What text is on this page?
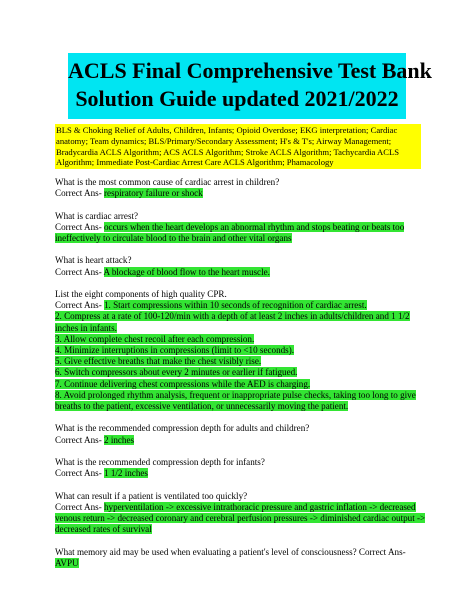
ACLS Final Comprehensive Test Bank
Solution Guide updated 2021/2022
BLS & Choking Relief of Adults, Children, Infants; Opioid Overdose; EKG interpretation; Cardiac anatomy; Team dynamics; BLS/Primary/Secondary Assessment; H's & T's; Airway Management; Bradycardia ACLS Algorithm; ACS ACLS Algorithm; Stroke ACLS Algorithm; Tachycardia ACLS Algorithm; Immediate Post-Cardiac Arrest Care ACLS Algorithm; Phamacology
What is the most common cause of cardiac arrest in children?
Correct Ans- respiratory failure or shock
What is cardiac arrest?
Correct Ans- occurs when the heart develops an abnormal rhythm and stops beating or beats too ineffectively to circulate blood to the brain and other vital organs
What is heart attack?
Correct Ans- A blockage of blood flow to the heart muscle.
List the eight components of high quality CPR.
Correct Ans- 1. Start compressions within 10 seconds of recognition of cardiac arrest.
2. Compress at a rate of 100-120/min with a depth of at least 2 inches in adults/children and 1 1/2 inches in infants.
3. Allow complete chest recoil after each compression.
4. Minimize interruptions in compressions (limit to <10 seconds).
5. Give effective breaths that make the chest visibly rise.
6. Switch compressors about every 2 minutes or earlier if fatigued.
7. Continue delivering chest compressions while the AED is charging.
8. Avoid prolonged rhythm analysis, frequent or inappropriate pulse checks, taking too long to give breaths to the patient, excessive ventilation, or unnecessarily moving the patient.
What is the recommended compression depth for adults and children?
Correct Ans- 2 inches
What is the recommended compression depth for infants?
Correct Ans- 1 1/2 inches
What can result if a patient is ventilated too quickly?
Correct Ans- hyperventilation -> excessive intrathoracic pressure and gastric inflation -> decreased venous return -> decreased coronary and cerebral perfusion pressures -> diminished cardiac output -> decreased rates of survival
What memory aid may be used when evaluating a patient's level of consciousness? Correct Ans-
AVPU
